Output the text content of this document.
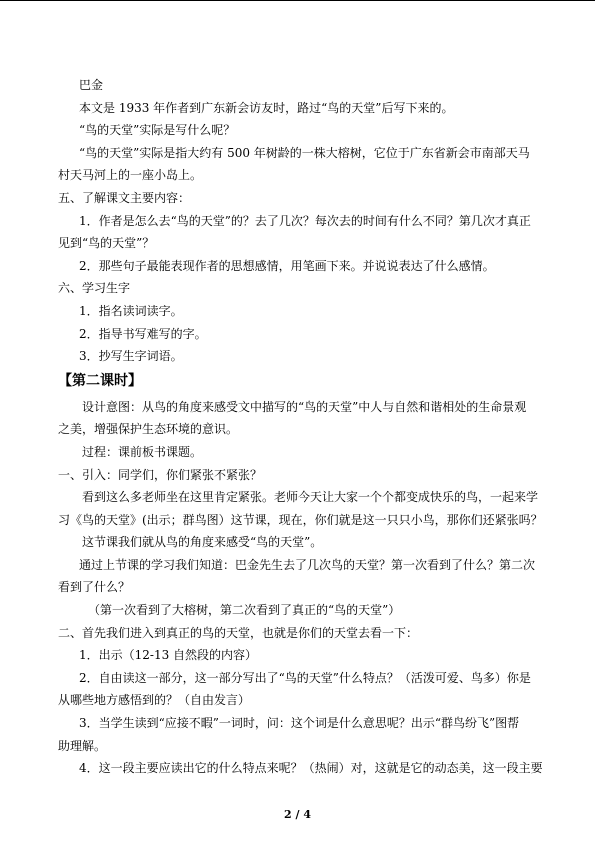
巴金
本文是 1933 年作者到广东新会访友时，路过“鸟的天堂”后写下来的。
“鸟的天堂”实际是写什么呢？
“鸟的天堂”实际是指大约有 500 年树龄的一株大榕树，它位于广东省新会市南部天马
村天马河上的一座小岛上。
五、了解课文主要内容：
1．作者是怎么去“鸟的天堂”的？去了几次？每次去的时间有什么不同？第几次才真正
见到“鸟的天堂”？
2．那些句子最能表现作者的思想感情，用笔画下来。并说说表达了什么感情。
六、学习生字
1．指名读词读字。
2．指导书写难写的字。
3．抄写生字词语。
【第二课时】
设计意图：从鸟的角度来感受文中描写的“鸟的天堂”中人与自然和谐相处的生命景观
之美，增强保护生态环境的意识。
过程：课前板书课题。
一、引入：同学们，你们紧张不紧张？
看到这么多老师坐在这里肯定紧张。老师今天让大家一个个都变成快乐的鸟，一起来学
习《鸟的天堂》(出示；群鸟图）这节课，现在，你们就是这一只只小鸟，那你们还紧张吗？
这节课我们就从鸟的角度来感受“鸟的天堂”。
通过上节课的学习我们知道：巴金先生去了几次鸟的天堂？第一次看到了什么？第二次
看到了什么？
（第一次看到了大榕树，第二次看到了真正的“鸟的天堂”）
二、首先我们进入到真正的鸟的天堂，也就是你们的天堂去看一下：
1．出示（12-13 自然段的内容）
2．自由读这一部分，这一部分写出了“鸟的天堂”什么特点？（活泼可爱、鸟多）你是
从哪些地方感悟到的？（自由发言）
3．当学生读到“应接不暇”一词时，问：这个词是什么意思呢？出示“群鸟纷飞”图帮
助理解。
4．这一段主要应读出它的什么特点来呢？（热闹）对，这就是它的动态美，这一段主要
2 / 4
